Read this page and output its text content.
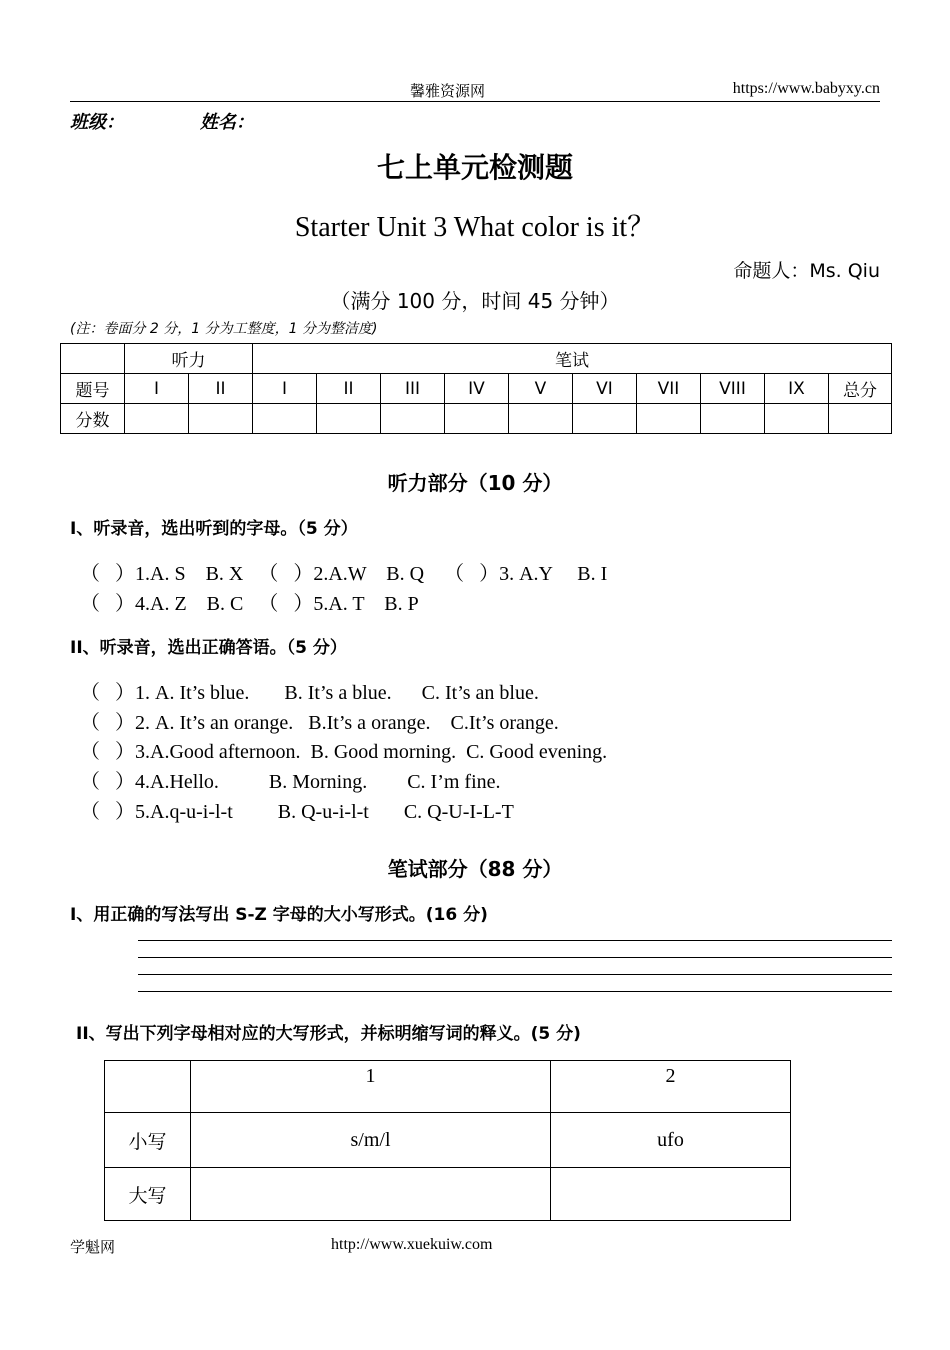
馨雅资源网	https://www.babyxy.cn
班级：	姓名：
七上单元检测题
Starter Unit 3 What color is it？
命题人：Ms. Qiu
（满分 100 分，时间 45 分钟）
(注：卷面分 2 分，1 分为工整度，1 分为整洁度)
	听力		笔试									
题号	I	II	I	II	III	IV	V	VI	VII	VIII	IX	总分
分数												
听力部分（10 分）
I、听录音，选出听到的字母。（5 分）
（   ）1.A. S    B. X   （   ）2.A.W    B. Q    （   ）3. A.Y     B. I
（   ）4.A. Z    B. C   （   ）5.A. T    B. P
II、听录音，选出正确答语。（5 分）
（   ）1. A. It’s blue.       B. It’s a blue.      C. It’s an blue.
（   ）2. A. It’s an orange.   B.It’s a orange.    C.It’s orange.
（   ）3.A.Good afternoon.  B. Good morning.  C. Good evening.
（   ）4.A.Hello.          B. Morning.        C. I’m fine.
（   ）5.A.q-u-i-l-t         B. Q-u-i-l-t       C. Q-U-I-L-T
笔试部分（88 分）
I、用正确的写法写出 S-Z 字母的大小写形式。(16 分)
II、写出下列字母相对应的大写形式，并标明缩写词的释义。(5 分)
	1	2
小写	s/m/l	ufo
大写		
学魁网	http://www.xuekuiw.com
